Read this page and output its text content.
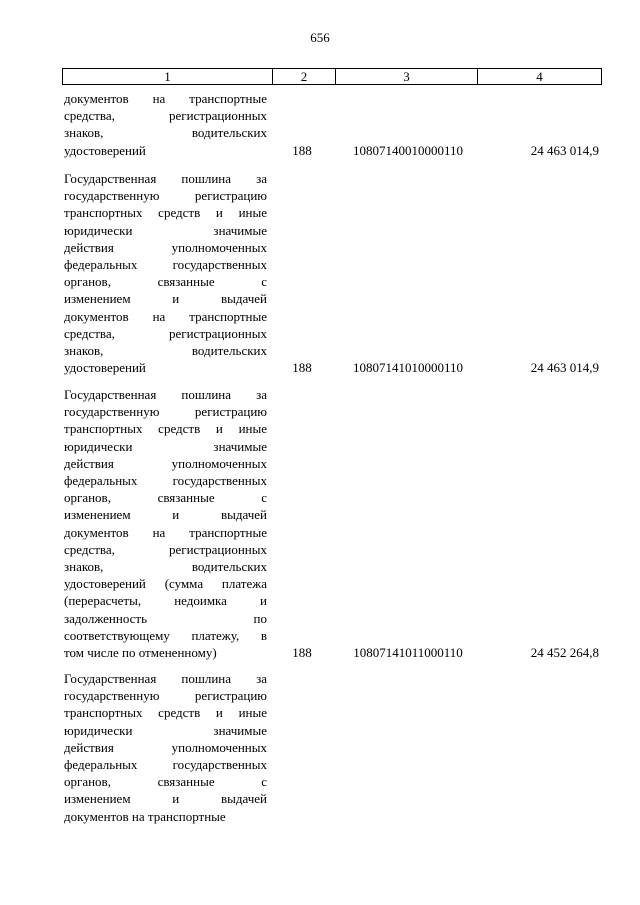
656
1	2	3	4
документов на транспортные
средства, регистрационных
знаков, водительских
удостоверений	188	10807140010000110	24 463 014,9
Государственная пошлина за
государственную регистрацию
транспортных средств и иные
юридически значимые
действия уполномоченных
федеральных государственных
органов, связанные с
изменением и выдачей
документов на транспортные
средства, регистрационных
знаков, водительских
удостоверений	188	10807141010000110	24 463 014,9
Государственная пошлина за
государственную регистрацию
транспортных средств и иные
юридически значимые
действия уполномоченных
федеральных государственных
органов, связанные с
изменением и выдачей
документов на транспортные
средства, регистрационных
знаков, водительских
удостоверений (сумма платежа
(перерасчеты, недоимка и
задолженность по
соответствующему платежу, в
том числе по отмененному)	188	10807141011000110	24 452 264,8
Государственная пошлина за
государственную регистрацию
транспортных средств и иные
юридически значимые
действия уполномоченных
федеральных государственных
органов, связанные с
изменением и выдачей
документов на транспортные
